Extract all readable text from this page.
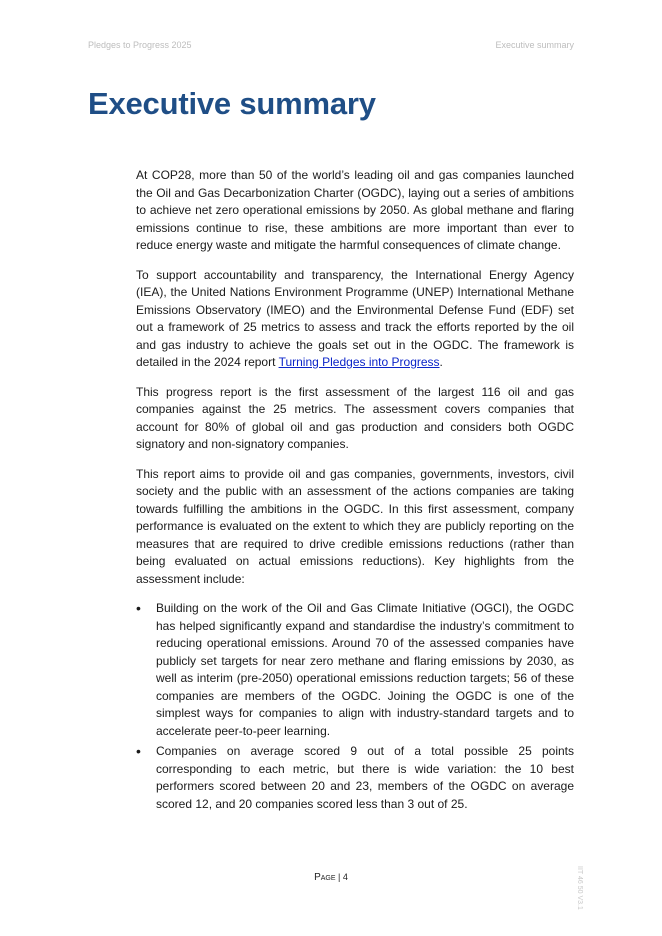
Pledges to Progress 2025	Executive summary
Executive summary

At COP28, more than 50 of the world’s leading oil and gas companies launched the Oil and Gas Decarbonization Charter (OGDC), laying out a series of ambitions to achieve net zero operational emissions by 2050. As global methane and flaring emissions continue to rise, these ambitions are more important than ever to reduce energy waste and mitigate the harmful consequences of climate change.

To support accountability and transparency, the International Energy Agency (IEA), the United Nations Environment Programme (UNEP) International Methane Emissions Observatory (IMEO) and the Environmental Defense Fund (EDF) set out a framework of 25 metrics to assess and track the efforts reported by the oil and gas industry to achieve the goals set out in the OGDC. The framework is detailed in the 2024 report Turning Pledges into Progress.

This progress report is the first assessment of the largest 116 oil and gas companies against the 25 metrics. The assessment covers companies that account for 80% of global oil and gas production and considers both OGDC signatory and non-signatory companies.

This report aims to provide oil and gas companies, governments, investors, civil society and the public with an assessment of the actions companies are taking towards fulfilling the ambitions in the OGDC. In this first assessment, company performance is evaluated on the extent to which they are publicly reporting on the measures that are required to drive credible emissions reductions (rather than being evaluated on actual emissions reductions). Key highlights from the assessment include:

• Building on the work of the Oil and Gas Climate Initiative (OGCI), the OGDC has helped significantly expand and standardise the industry’s commitment to reducing operational emissions. Around 70 of the assessed companies have publicly set targets for near zero methane and flaring emissions by 2030, as well as interim (pre-2050) operational emissions reduction targets; 56 of these companies are members of the OGDC. Joining the OGDC is one of the simplest ways for companies to align with industry-standard targets and to accelerate peer-to-peer learning.
• Companies on average scored 9 out of a total possible 25 points corresponding to each metric, but there is wide variation: the 10 best performers scored between 20 and 23, members of the OGDC on average scored 12, and 20 companies scored less than 3 out of 25.
Page | 4	IIT 46 50 V3.1
